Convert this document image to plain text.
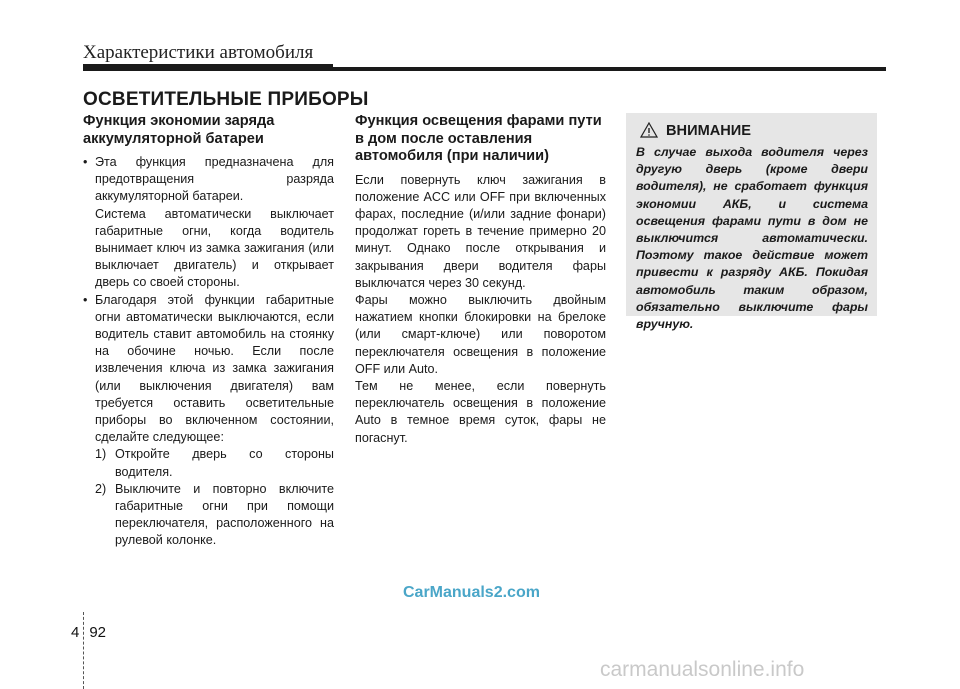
Характеристики автомобиля
ОСВЕТИТЕЛЬНЫЕ ПРИБОРЫ
Функция экономии заряда аккумуляторной батареи
• Эта функция предназначена для предотвращения разряда аккумуляторной батареи.
Система автоматически выключает габаритные огни, когда водитель вынимает ключ из замка зажигания (или выключает двигатель) и открывает дверь со своей стороны.
• Благодаря этой функции габаритные огни автоматически выключаются, если водитель ставит автомобиль на стоянку на обочине ночью. Если после извлечения ключа из замка зажигания (или выключения двигателя) вам требуется оставить осветительные приборы во включенном состоянии, сделайте следующее:
1) Откройте дверь со стороны водителя.
2) Выключите и повторно включите габаритные огни при помощи переключателя, расположенного на рулевой колонке.
Функция освещения фарами пути в дом после оставления автомобиля (при наличии)

Если повернуть ключ зажигания в положение ACC или OFF при включенных фарах, последние (и/или задние фонари) продолжат гореть в течение примерно 20 минут. Однако после открывания и закрывания двери водителя фары выключатся через 30 секунд.

Фары можно выключить двойным нажатием кнопки блокировки на брелоке (или смарт-ключе) или поворотом переключателя освещения в положение OFF или Auto.

Тем не менее, если повернуть переключатель освещения в положение Auto в темное время суток, фары не погаснут.

ВНИМАНИЕ
В случае выхода водителя через другую дверь (кроме двери водителя), не сработает функция экономии АКБ, и система освещения фарами пути в дом не выключится автоматически. Поэтому такое действие может привести к разряду АКБ. Покидая автомобиль таким образом, обязательно выключите фары вручную.
CarManuals2.com
4 92
carmanualsonline.info
